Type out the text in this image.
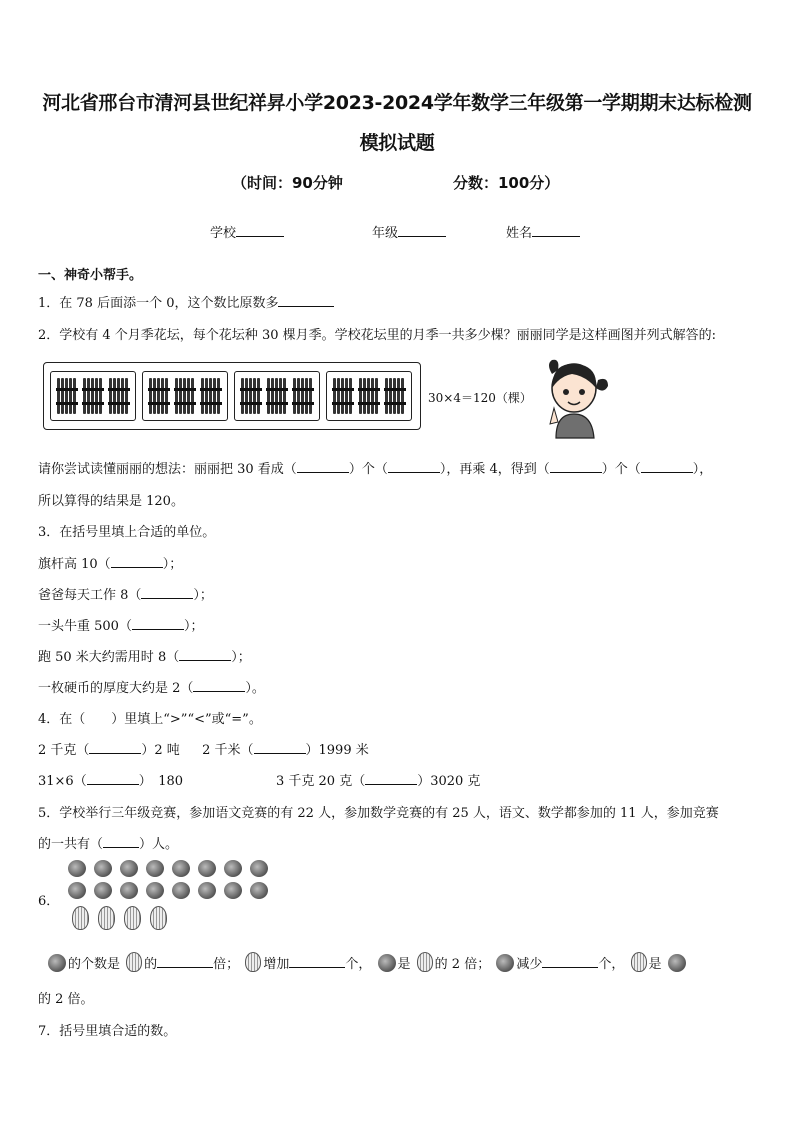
河北省邢台市清河县世纪祥昇小学2023-2024学年数学三年级第一学期期末达标检测
模拟试题
（时间：90分钟	分数：100分）
学校	年级	姓名
一、神奇小帮手。
1．在 78 后面添一个 0，这个数比原数多
2．学校有 4 个月季花坛，每个花坛种 30 棵月季。学校花坛里的月季一共多少棵？丽丽同学是这样画图并列式解答的:
30×4＝120（棵）
请你尝试读懂丽丽的想法：丽丽把 30 看成（	）个（	），再乘 4，得到（	）个（	），
所以算得的结果是 120。
3．在括号里填上合适的单位。
旗杆高 10（	）；
爸爸每天工作 8（	）；
一头牛重 500（	）；
跑 50 米大约需用时 8（	）；
一枚硬币的厚度大约是 2（	）。
4．在（　　）里填上“>”“<”或“=”。
2 千克（	）2 吨 2 千米（	）1999 米
31×6（	）　180	3 千克 20 克（	）3020 克
5．学校举行三年级竞赛，参加语文竞赛的有 22 人，参加数学竞赛的有 25 人，语文、数学都参加的 11 人，参加竞赛
的一共有（	）人。
6．
的个数是 的	倍； 增加	个， 是 的 2 倍； 减少	个， 是
的 2 倍。
7．括号里填合适的数。
